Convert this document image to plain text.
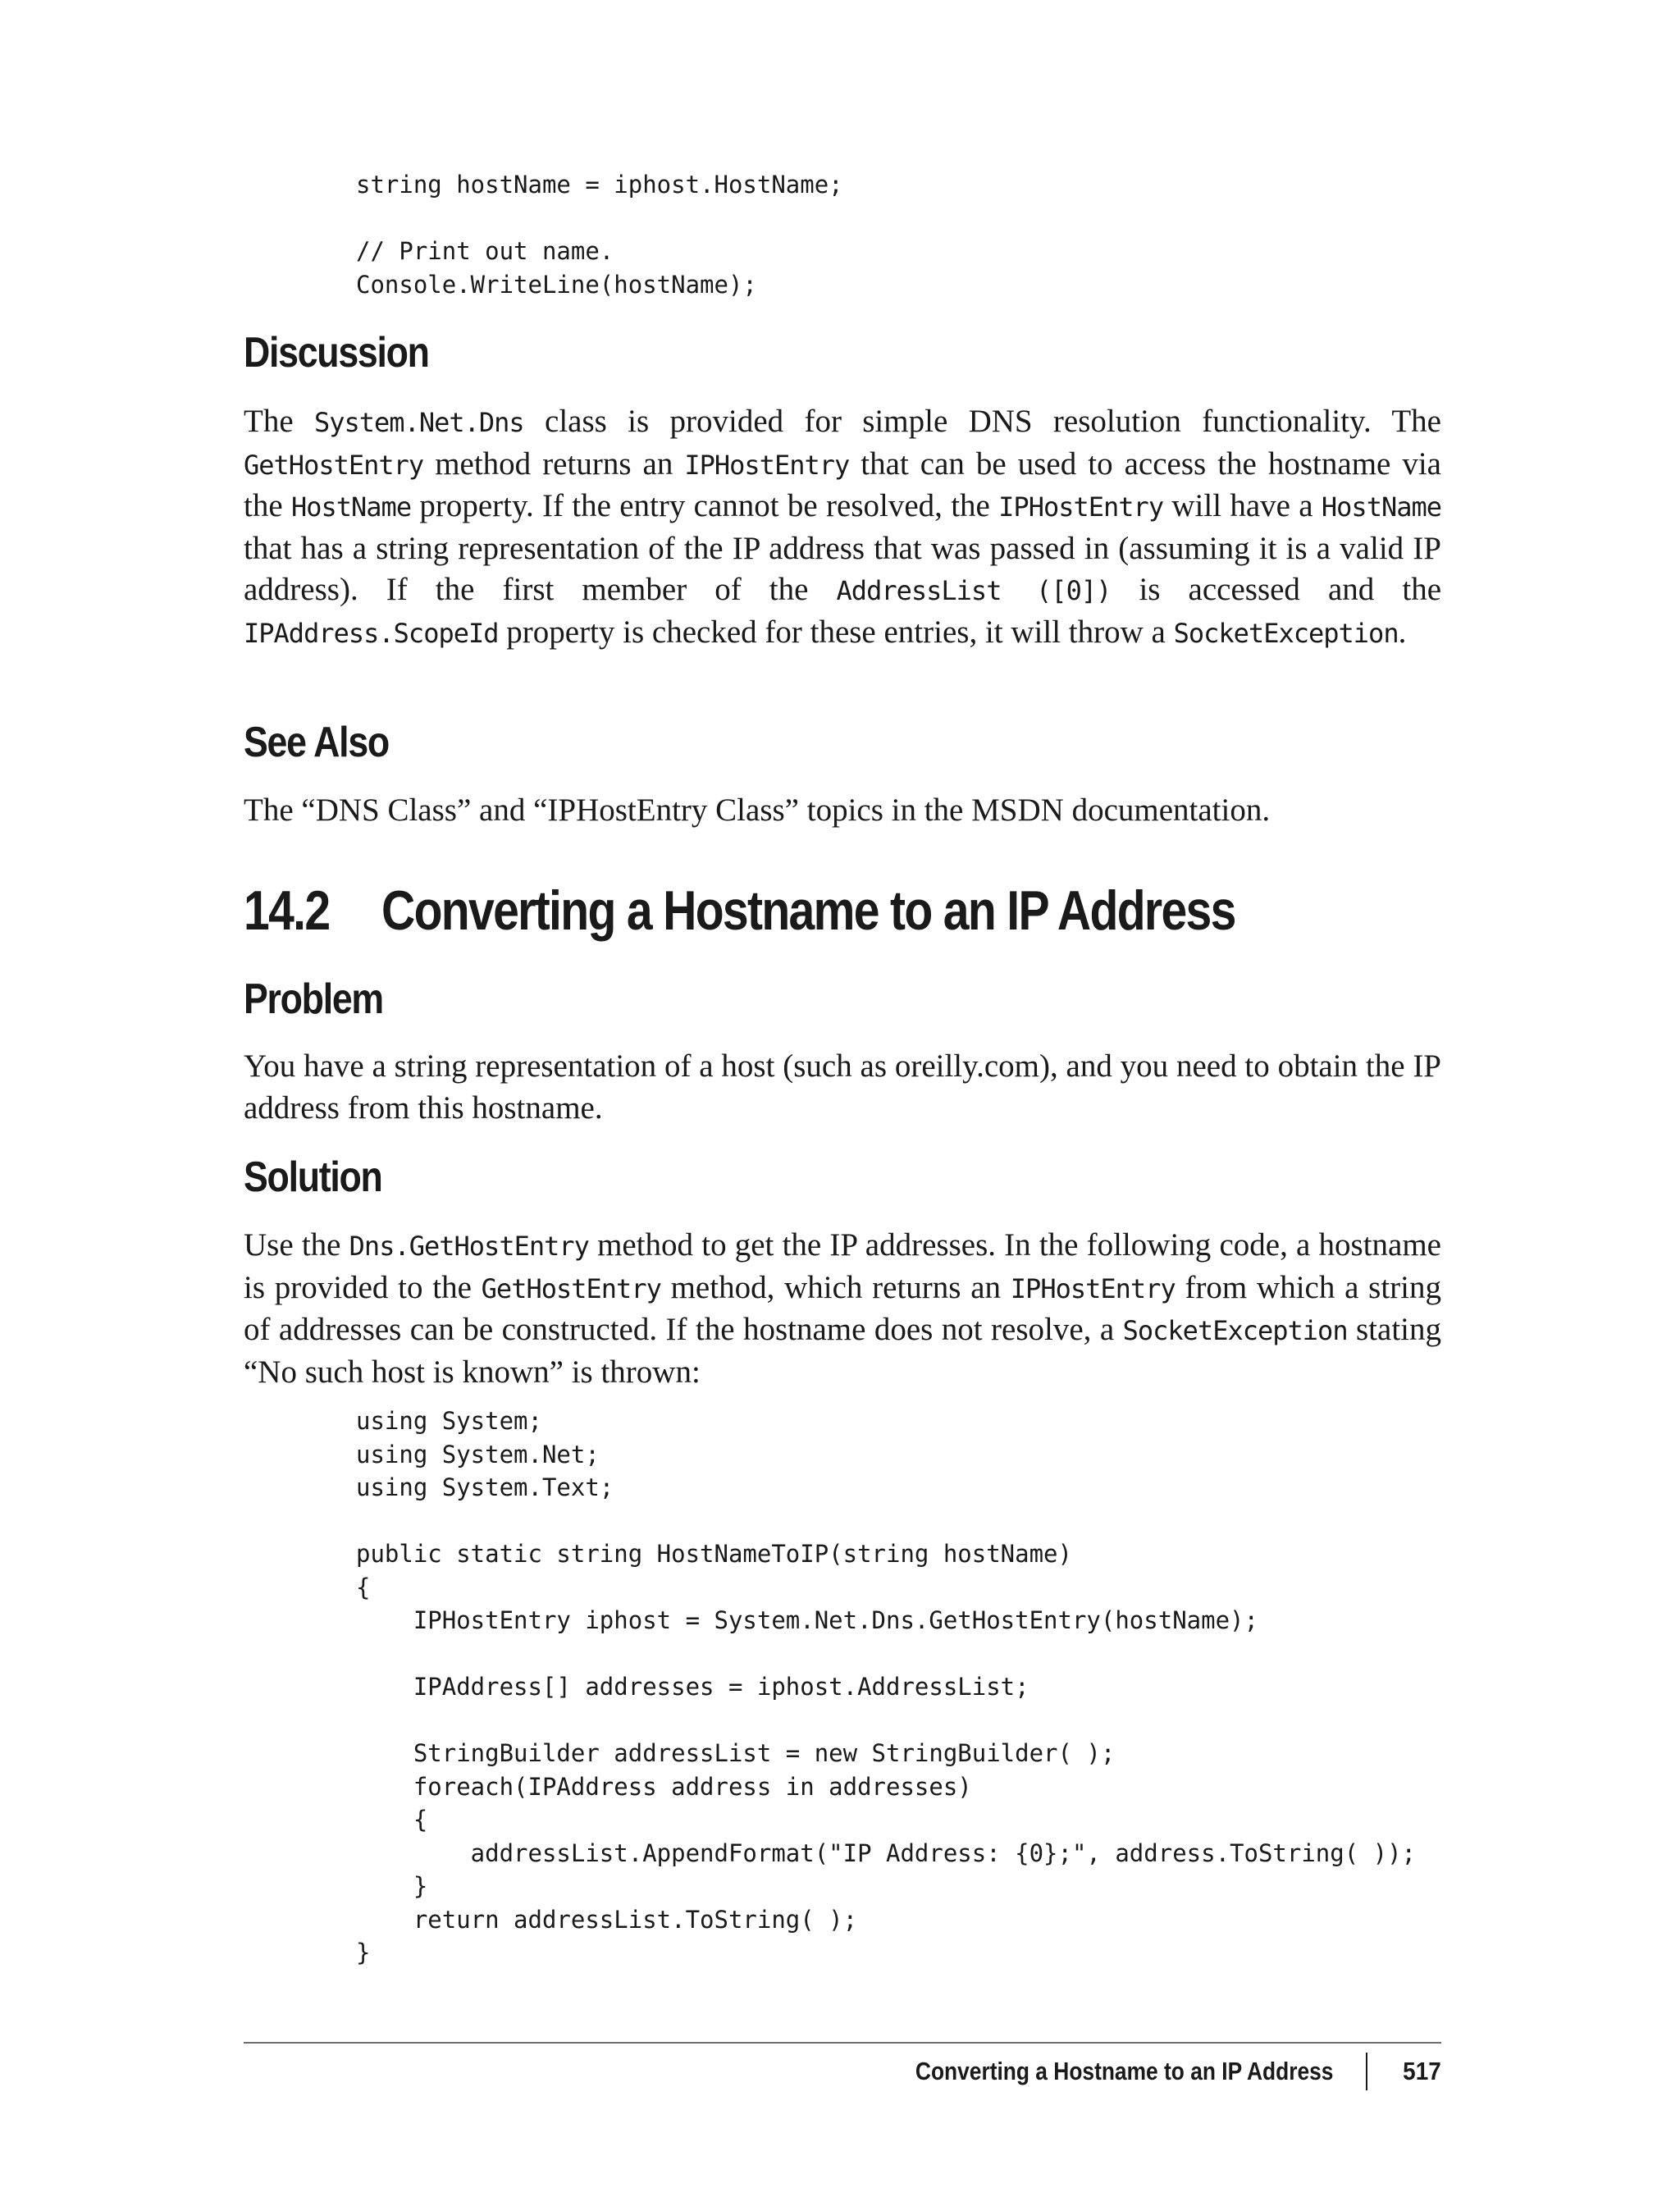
string hostName = iphost.HostName;
// Print out name.
Console.WriteLine(hostName);
Discussion

The System.Net.Dns class is provided for simple DNS resolution functionality. The GetHostEntry method returns an IPHostEntry that can be used to access the hostname via the HostName property. If the entry cannot be resolved, the IPHostEntry will have a HostName that has a string representation of the IP address that was passed in (assuming it is a valid IP address). If the first member of the AddressList ([0]) is accessed and the IPAddress.ScopeId property is checked for these entries, it will throw a SocketException.

See Also

The “DNS Class” and “IPHostEntry Class” topics in the MSDN documentation.

14.2 Converting a Hostname to an IP Address
Problem

You have a string representation of a host (such as oreilly.com), and you need to obtain the IP address from this hostname.

Solution

Use the Dns.GetHostEntry method to get the IP addresses. In the following code, a hostname is provided to the GetHostEntry method, which returns an IPHostEntry from which a string of addresses can be constructed. If the hostname does not resolve, a SocketException stating “No such host is known” is thrown:

using System;
using System.Net;
using System.Text;
public static string HostNameToIP(string hostName)
{
IPHostEntry iphost = System.Net.Dns.GetHostEntry(hostName);
IPAddress[] addresses = iphost.AddressList;
StringBuilder addressList = new StringBuilder( );
foreach(IPAddress address in addresses)
{
addressList.AppendFormat("IP Address: {0};", address.ToString( ));
}
return addressList.ToString( );
}
Converting a Hostname to an IP Address	517
